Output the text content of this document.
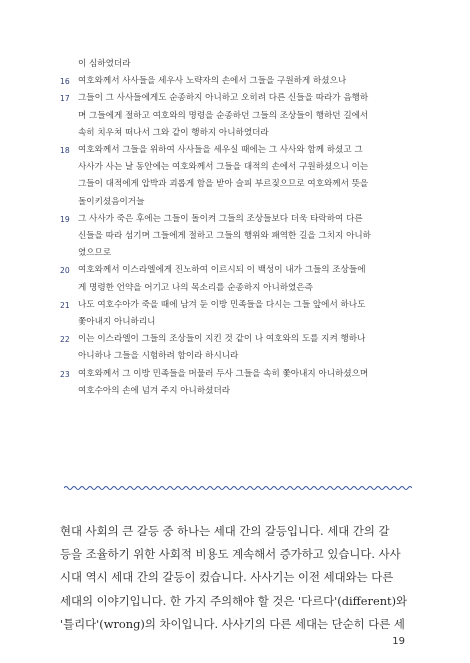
이 심하였더라
16 여호와께서 사사들을 세우사 노략자의 손에서 그들을 구원하게 하셨으나
17 그들이 그 사사들에게도 순종하지 아니하고 오히려 다른 신들을 따라가 음행하
며 그들에게 절하고 여호와의 명령을 순종하던 그들의 조상들이 행하던 길에서
속히 치우쳐 떠나서 그와 같이 행하지 아니하였더라
18 여호와께서 그들을 위하여 사사들을 세우실 때에는 그 사사와 함께 하셨고 그
사사가 사는 날 동안에는 여호와께서 그들을 대적의 손에서 구원하셨으니 이는
그들이 대적에게 압박과 괴롭게 함을 받아 슬피 부르짖으므로 여호와께서 뜻을
돌이키셨음이거늘
19 그 사사가 죽은 후에는 그들이 돌이켜 그들의 조상들보다 더욱 타락하여 다른
신들을 따라 섬기며 그들에게 절하고 그들의 행위와 패역한 길을 그치지 아니하
였으므로
20 여호와께서 이스라엘에게 진노하여 이르시되 이 백성이 내가 그들의 조상들에
게 명령한 언약을 어기고 나의 목소리를 순종하지 아니하였은즉
21 나도 여호수아가 죽을 때에 남겨 둔 이방 민족들을 다시는 그들 앞에서 하나도
쫓아내지 아니하리니
22 이는 이스라엘이 그들의 조상들이 지킨 것 같이 나 여호와의 도를 지켜 행하나
아니하나 그들을 시험하려 함이라 하시니라
23 여호와께서 그 이방 민족들을 머물러 두사 그들을 속히 쫓아내지 아니하셨으며
여호수아의 손에 넘겨 주지 아니하셨더라
현대 사회의 큰 갈등 중 하나는 세대 간의 갈등입니다. 세대 간의 갈
등을 조율하기 위한 사회적 비용도 계속해서 증가하고 있습니다. 사사
시대 역시 세대 간의 갈등이 컸습니다. 사사기는 이전 세대와는 다른
세대의 이야기입니다. 한 가지 주의해야 할 것은 '다르다'(different)와
'틀리다'(wrong)의 차이입니다. 사사기의 다른 세대는 단순히 다른 세
19
